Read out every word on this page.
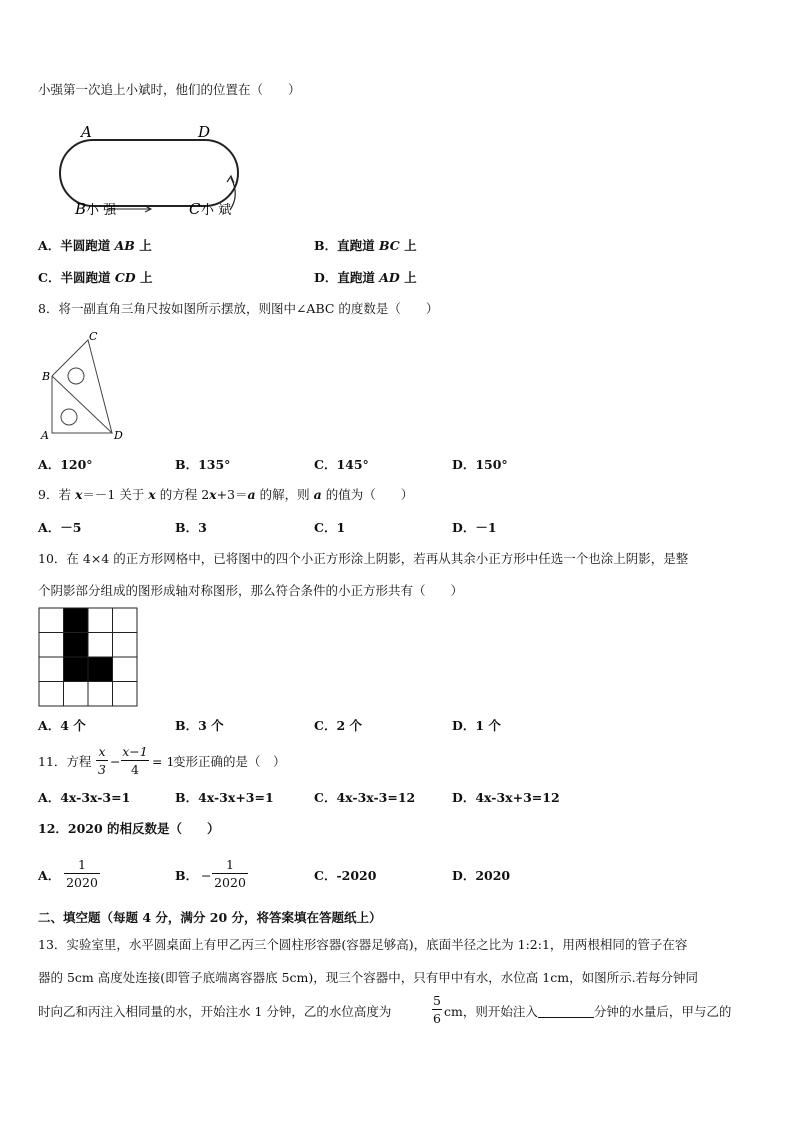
小强第一次追上小斌时，他们的位置在（　　）
A	D
B 小 强	C 小 斌
A．半圆跑道 AB 上	B．直跑道 BC 上
C．半圆跑道 CD 上	D．直跑道 AD 上
8．将一副直角三角尺按如图所示摆放，则图中∠ABC 的度数是（　　）
C
B
A	D
A．120°	B．135°	C．145°	D．150°
9．若 x＝－1 关于 x 的方程 2x+3＝a 的解，则 a 的值为（　　）
A．－5	B．3	C．1	D．－1
10．在 4×4 的正方形网格中，已将图中的四个小正方形涂上阴影，若再从其余小正方形中任选一个也涂上阴影，是整
个阴影部分组成的图形成轴对称图形，那么符合条件的小正方形共有（　　）
A．4 个	B．3 个	C．2 个	D．1 个
11．方程
x
3
−
x−1
4
= 1
变形正确的是（　）
A．4x-3x-3=1	B．4x-3x+3=1	C．4x-3x-3=12	D．4x-3x+3=12
12．2020 的相反数是（　　）
A．
1
2020	B． −
1
2020	C．-2020	D．2020
二、填空题（每题 4 分，满分 20 分，将答案填在答题纸上）
13．实验室里，水平圆桌面上有甲乙丙三个圆柱形容器(容器足够高)，底面半径之比为 1:2:1，用两根相同的管子在容
器的 5cm 高度处连接(即管子底端离容器底 5cm)，现三个容器中，只有甲中有水，水位高 1cm，如图所示.若每分钟同
时向乙和丙注入相同量的水，开始注水 1 分钟，乙的水位高度为
5
6 cm，则开始注入	分钟的水量后，甲与乙的
